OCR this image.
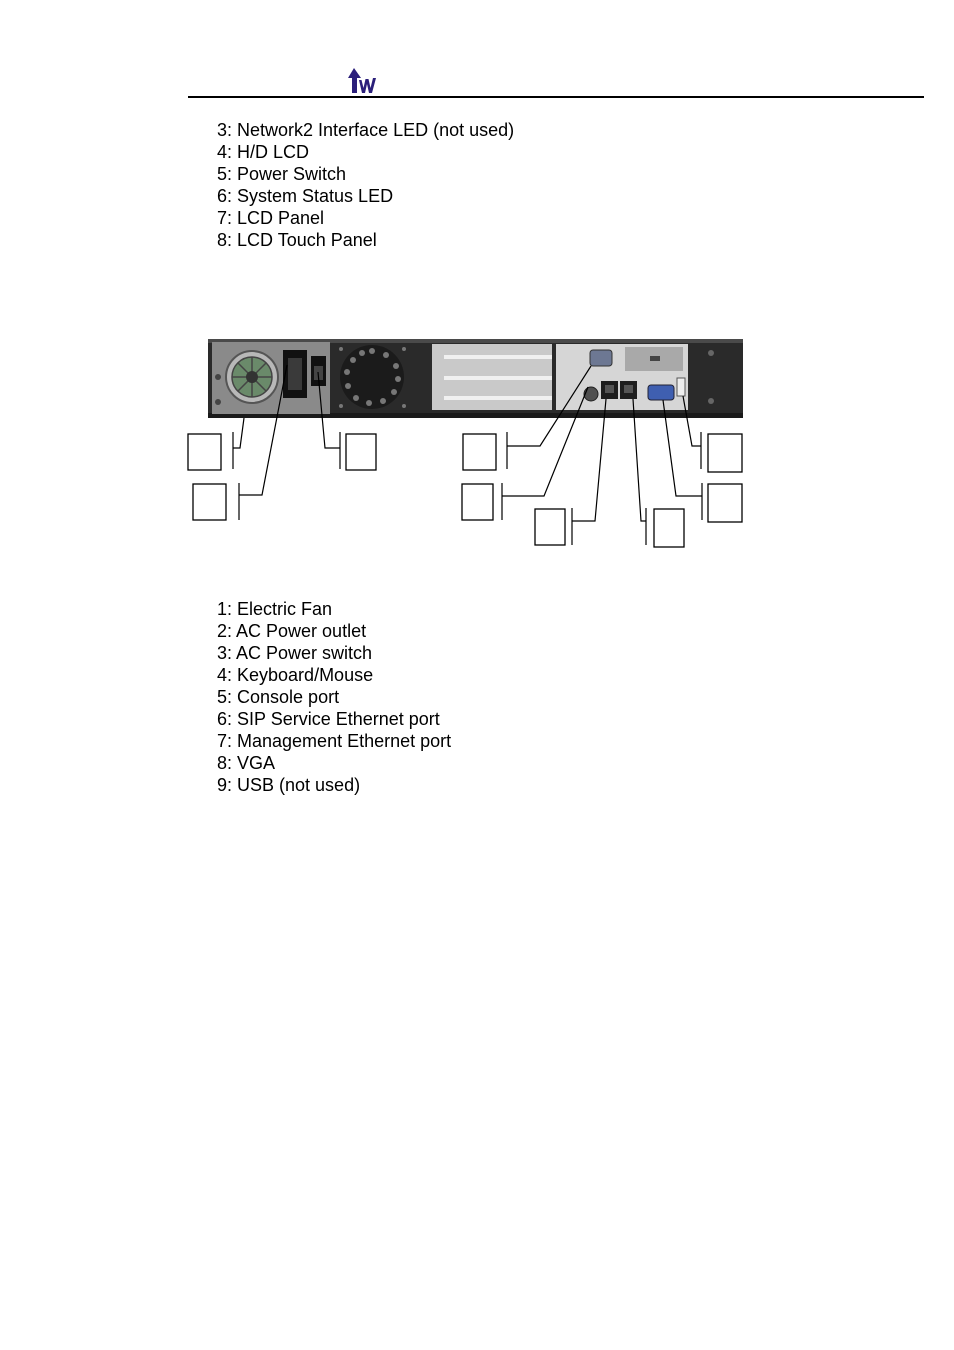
3: Network2 Interface LED (not used)
4: H/D LCD
5: Power Switch
6: System Status LED
7: LCD Panel
8: LCD Touch Panel
1: Electric Fan
2: AC Power outlet
3: AC Power switch
4: Keyboard/Mouse
5: Console port
6: SIP Service Ethernet port
7: Management Ethernet port
8: VGA
9: USB (not used)
